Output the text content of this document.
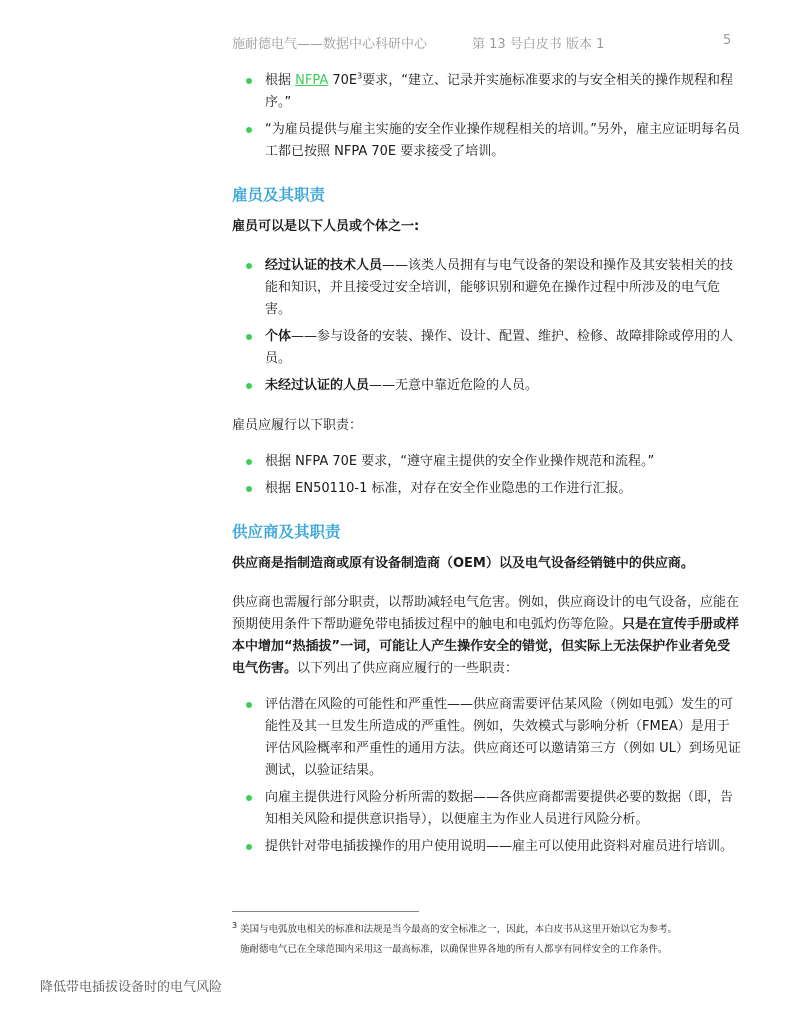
施耐德电气——数据中心科研中心	第 13 号白皮书 版本 1	5
根据 NFPA $70E^3$要求，“建立、记录并实施标准要求的与安全相关的操作规程和程序。”
“为雇员提供与雇主实施的安全作业操作规程相关的培训。”另外，雇主应证明每名员工都已按照 NFPA 70E 要求接受了培训。
雇员及其职责
雇员可以是以下人员或个体之一:
经过认证的技术人员——该类人员拥有与电气设备的架设和操作及其安装相关的技能和知识，并且接受过安全培训，能够识别和避免在操作过程中所涉及的电气危害。
个体——参与设备的安装、操作、设计、配置、维护、检修、故障排除或停用的人员。
未经过认证的人员——无意中靠近危险的人员。
雇员应履行以下职责：
根据 NFPA 70E 要求，“遵守雇主提供的安全作业操作规范和流程。”
根据 EN50110-1 标准，对存在安全作业隐患的工作进行汇报。
供应商及其职责
供应商是指制造商或原有设备制造商（OEM）以及电气设备经销链中的供应商。
供应商也需履行部分职责，以帮助减轻电气危害。例如，供应商设计的电气设备，应能在预期使用条件下帮助避免带电插拔过程中的触电和电弧灼伤等危险。只是在宣传手册或样本中增加“热插拔”一词，可能让人产生操作安全的错觉，但实际上无法保护作业者免受电气伤害。以下列出了供应商应履行的一些职责：
评估潜在风险的可能性和严重性——供应商需要评估某风险（例如电弧）发生的可能性及其一旦发生所造成的严重性。例如，失效模式与影响分析（FMEA）是用于评估风险概率和严重性的通用方法。供应商还可以邀请第三方（例如 UL）到场见证测试，以验证结果。
向雇主提供进行风险分析所需的数据——各供应商都需要提供必要的数据（即，告知相关风险和提供意识指导），以便雇主为作业人员进行风险分析。
提供针对带电插拔操作的用户使用说明——雇主可以使用此资料对雇员进行培训。
$^3$ 美国与电弧放电相关的标准和法规是当今最高的安全标准之一，因此，本白皮书从这里开始以它为参考。
施耐德电气已在全球范围内采用这一最高标准，以确保世界各地的所有人都享有同样安全的工作条件。
降低带电插拔设备时的电气风险
